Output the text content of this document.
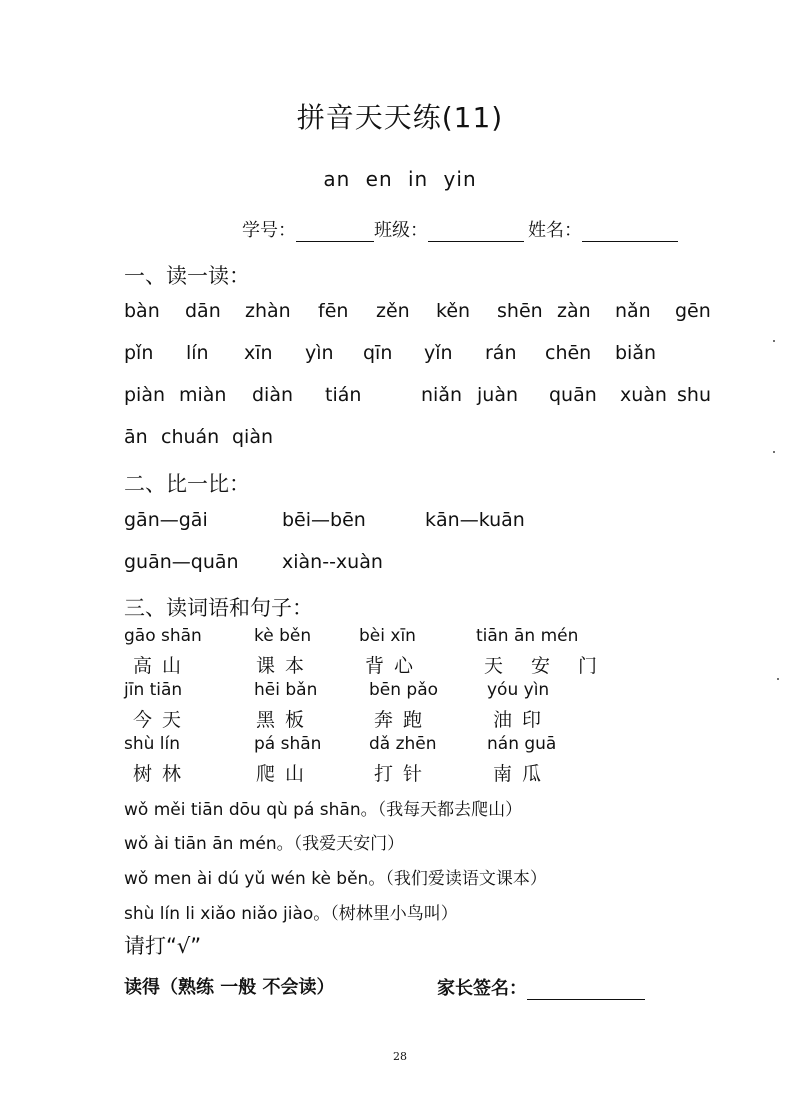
拼音天天练(11)
an en in yin
学号：	班级：	姓名：
一、读一读：
bàn dān zhàn fēn zěn kěn shēn zàn nǎn gēn
pǐn lín xīn yìn qīn yǐn rán chēn biǎn
piàn miàn diàn tián	niǎn juàn quān xuàn shu
ān chuán qiàn
二、比一比：
gān—gāi	bēi—bēn	kān—kuān
guān—quān xiàn--xuàn
三、读词语和句子：
gāo shān	kè běn	bèi xīn	tiān ān mén
高山	课本	背心	天安门
jīn tiān	hēi bǎn	bēn pǎo	yóu yìn
今天	黑板	奔跑	油印
shù lín	pá shān	dǎ zhēn	nán guā
树林	爬山	打针	南瓜
wǒ měi tiān dōu qù pá shān。（我每天都去爬山）
wǒ ài tiān ān mén。（我爱天安门）
wǒ men ài dú yǔ wén kè běn。（我们爱读语文课本）
shù lín li xiǎo niǎo jiào。（树林里小鸟叫）
请打“√”
读得（熟练 一般 不会读）	家长签名：
28
